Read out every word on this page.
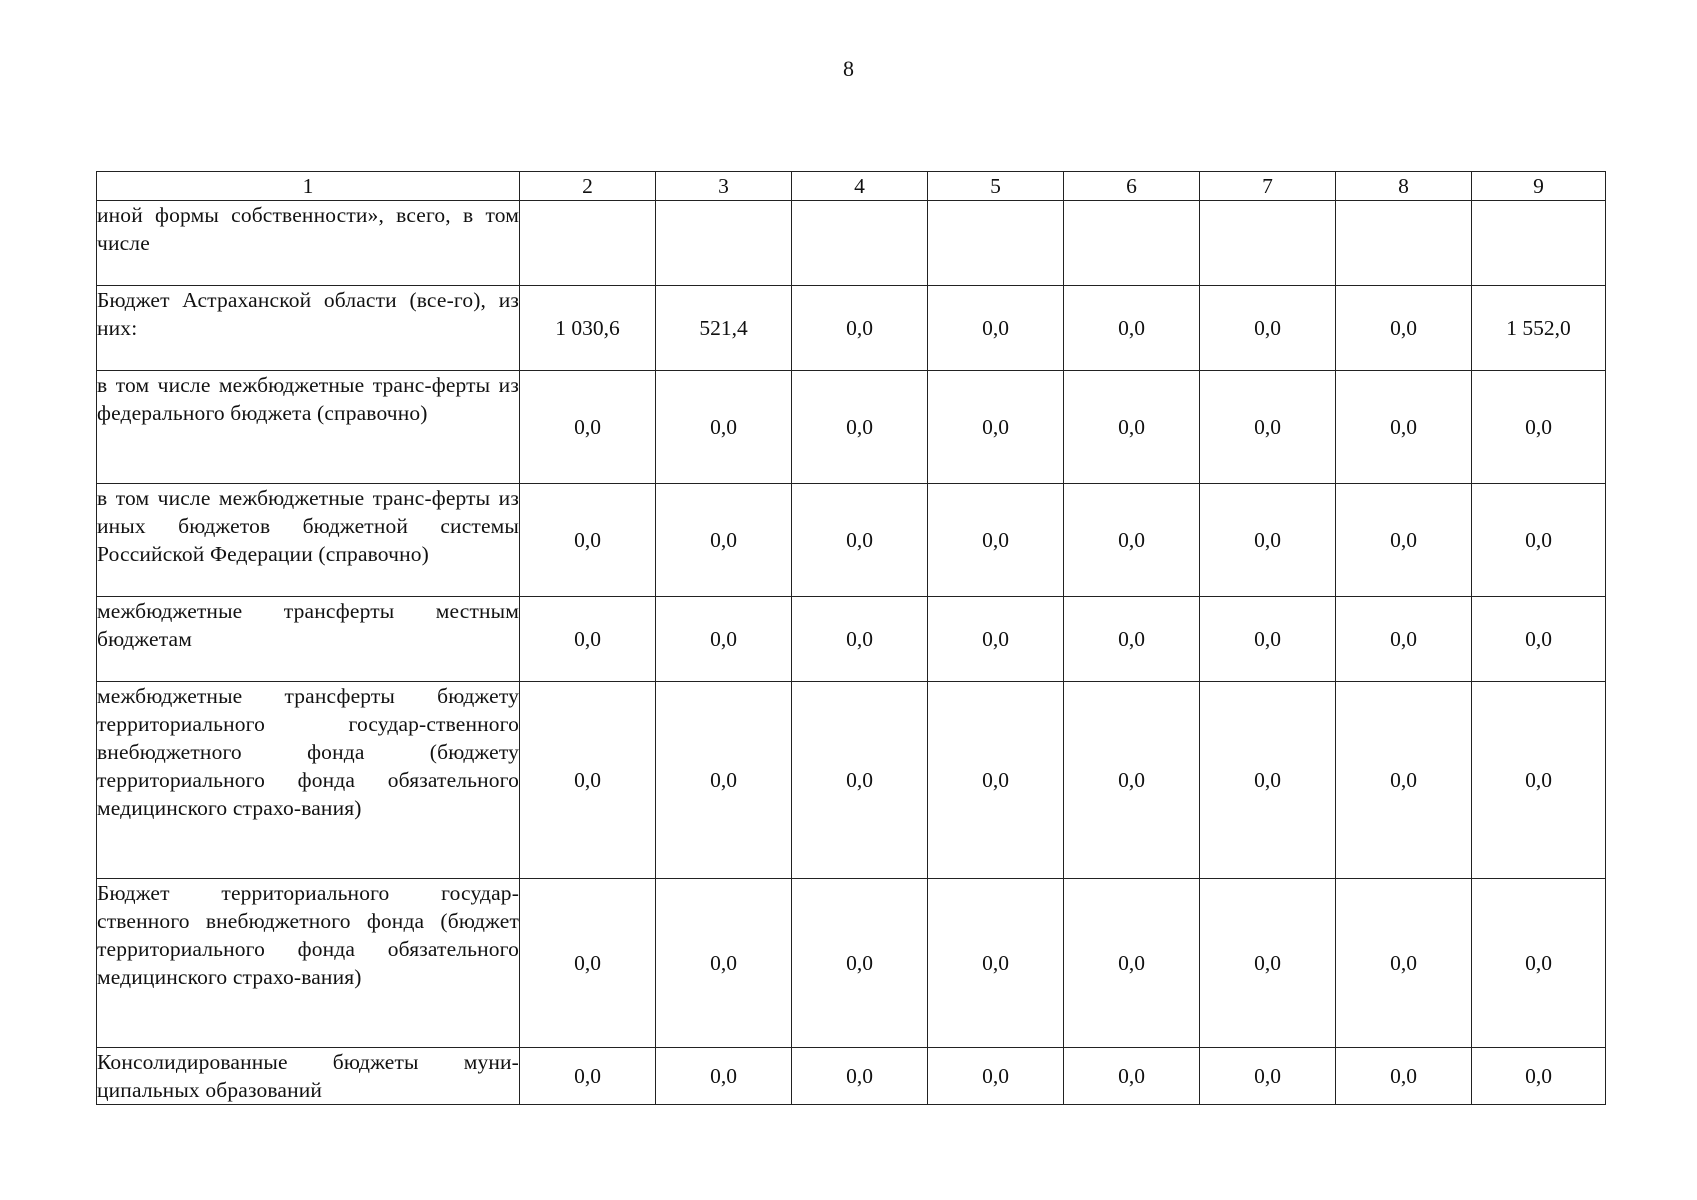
8
1	2	3	4	5	6	7	8	9
иной формы собственности», всего, в том числе								
Бюджет Астраханской области (все-го), из них:	1 030,6	521,4	0,0	0,0	0,0	0,0	0,0	1 552,0
в том числе межбюджетные транс-ферты из федерального бюджета (справочно)	0,0	0,0	0,0	0,0	0,0	0,0	0,0	0,0
в том числе межбюджетные транс-ферты из иных бюджетов бюджетной системы Российской Федерации (справочно)	0,0	0,0	0,0	0,0	0,0	0,0	0,0	0,0
межбюджетные трансферты местным бюджетам	0,0	0,0	0,0	0,0	0,0	0,0	0,0	0,0
межбюджетные трансферты бюджету территориального государ-ственного внебюджетного фонда (бюджету территориального фонда обязательного медицинского страхо-вания)	0,0	0,0	0,0	0,0	0,0	0,0	0,0	0,0
Бюджет территориального государ-ственного внебюджетного фонда (бюджет территориального фонда обязательного медицинского страхо-вания)	0,0	0,0	0,0	0,0	0,0	0,0	0,0	0,0
Консолидированные бюджеты муни-ципальных образований	0,0	0,0	0,0	0,0	0,0	0,0	0,0	0,0
